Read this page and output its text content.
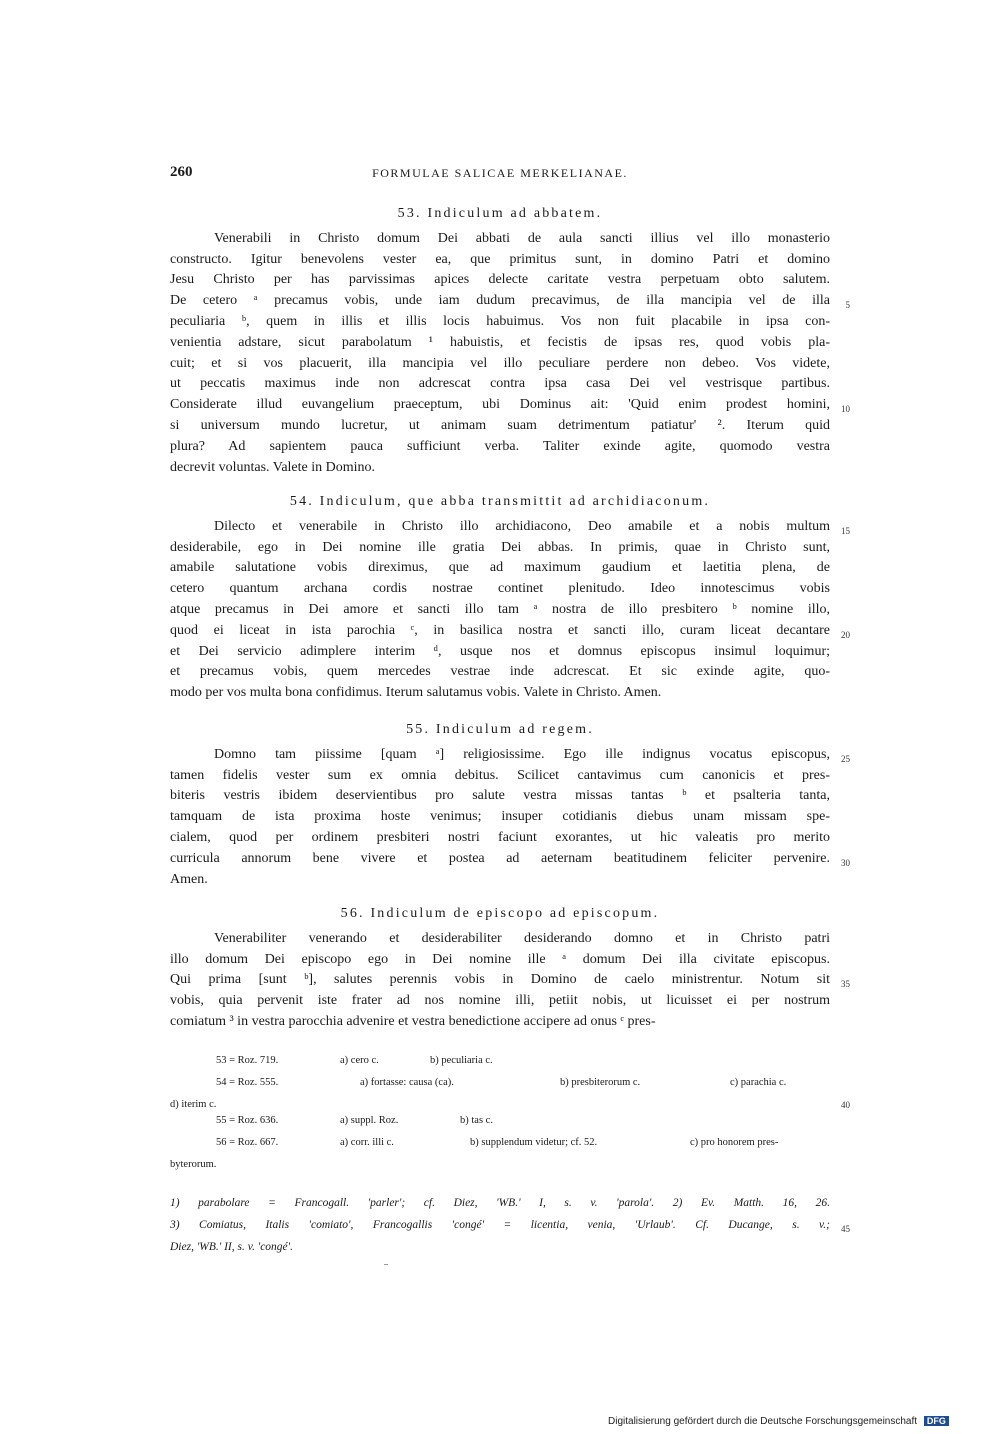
260	FORMULAE SALICAE MERKELIANAE.
53. Indiculum ad abbatem.
Venerabili in Christo domum Dei abbati de aula sancti illius vel illo monasterio
constructo. Igitur benevolens vester ea, que primitus sunt, in domino Patri et domino
Jesu Christo per has parvissimas apices delecte caritate vestra perpetuam obto salutem.
De cetero ᵃ precamus vobis, unde iam dudum precavimus, de illa mancipia vel de illa 5
peculiaria ᵇ, quem in illis et illis locis habuimus. Vos non fuit placabile in ipsa con-
venientia adstare, sicut parabolatum ¹ habuistis, et fecistis de ipsas res, quod vobis pla-
cuit; et si vos placuerit, illa mancipia vel illo peculiare perdere non debeo. Vos videte,
ut peccatis maximus inde non adcrescat contra ipsa casa Dei vel vestrisque partibus.
Considerate illud euvangelium praeceptum, ubi Dominus ait: 'Quid enim prodest homini, 10
si universum mundo lucretur, ut animam suam detrimentum patiatur' ². Iterum quid
plura? Ad sapientem pauca sufficiunt verba. Taliter exinde agite, quomodo vestra
decrevit voluntas. Valete in Domino.
54. Indiculum, que abba transmittit ad archidiaconum.
Dilecto et venerabile in Christo illo archidiacono, Deo amabile et a nobis multum 15
desiderabile, ego in Dei nomine ille gratia Dei abbas. In primis, quae in Christo sunt,
amabile salutatione vobis direximus, que ad maximum gaudium et laetitia plena, de
cetero quantum archana cordis nostrae continet plenitudo. Ideo innotescimus vobis
atque precamus in Dei amore et sancti illo tam ᵃ nostra de illo presbitero ᵇ nomine illo,
quod ei liceat in ista parochia ᶜ, in basilica nostra et sancti illo, curam liceat decantare 20
et Dei servicio adimplere interim ᵈ, usque nos et domnus episcopus insimul loquimur;
et precamus vobis, quem mercedes vestrae inde adcrescat. Et sic exinde agite, quo-
modo per vos multa bona confidimus. Iterum salutamus vobis. Valete in Christo. Amen.
55. Indiculum ad regem.
Domno tam piissime [quam ᵃ] religiosissime. Ego ille indignus vocatus episcopus, 25
tamen fidelis vester sum ex omnia debitus. Scilicet cantavimus cum canonicis et pres-
biteris vestris ibidem deservientibus pro salute vestra missas tantas ᵇ et psalteria tanta,
tamquam de ista proxima hoste venimus; insuper cotidianis diebus unam missam spe-
cialem, quod per ordinem presbiteri nostri faciunt exorantes, ut hic valeatis pro merito
curricula annorum bene vivere et postea ad aeternam beatitudinem feliciter pervenire. 30
Amen.
56. Indiculum de episcopo ad episcopum.
Venerabiliter venerando et desiderabiliter desiderando domno et in Christo patri
illo domum Dei episcopo ego in Dei nomine ille ᵃ domum Dei illa civitate episcopus.
Qui prima [sunt ᵇ], salutes perennis vobis in Domino de caelo ministrentur. Notum sit 35
vobis, quia pervenit iste frater ad nos nomine illi, petiit nobis, ut licuisset ei per nostrum
comiatum ³ in vestra parocchia advenire et vestra benedictione accipere ad onus ᶜ pres-
53 = Roz. 719.	a) cero c.	b) peculiaria c.
54 = Roz. 555.	a) fortasse: causa (ca).	b) presbiterorum c.	c) parachia c.
d) iterim c.	40
55 = Roz. 636.	a) suppl. Roz.	b) tas c.
56 = Roz. 667.	a) corr. illi c.	b) supplendum videtur; cf. 52.	c) pro honorem pres-
byterorum.
1) parabolare = Francogall. 'parler'; cf. Diez, 'WB.' I, s. v. 'parola'. 2) Ev. Matth. 16, 26.
3) Comiatus, Italis 'comiato', Francogallis 'congé' = licentia, venia, 'Urlaub'. Cf. Ducange, s. v.; 45
Diez, 'WB.' II, s. v. 'congé'.
Digitalisierung gefördert durch die Deutsche Forschungsgemeinschaft DFG
